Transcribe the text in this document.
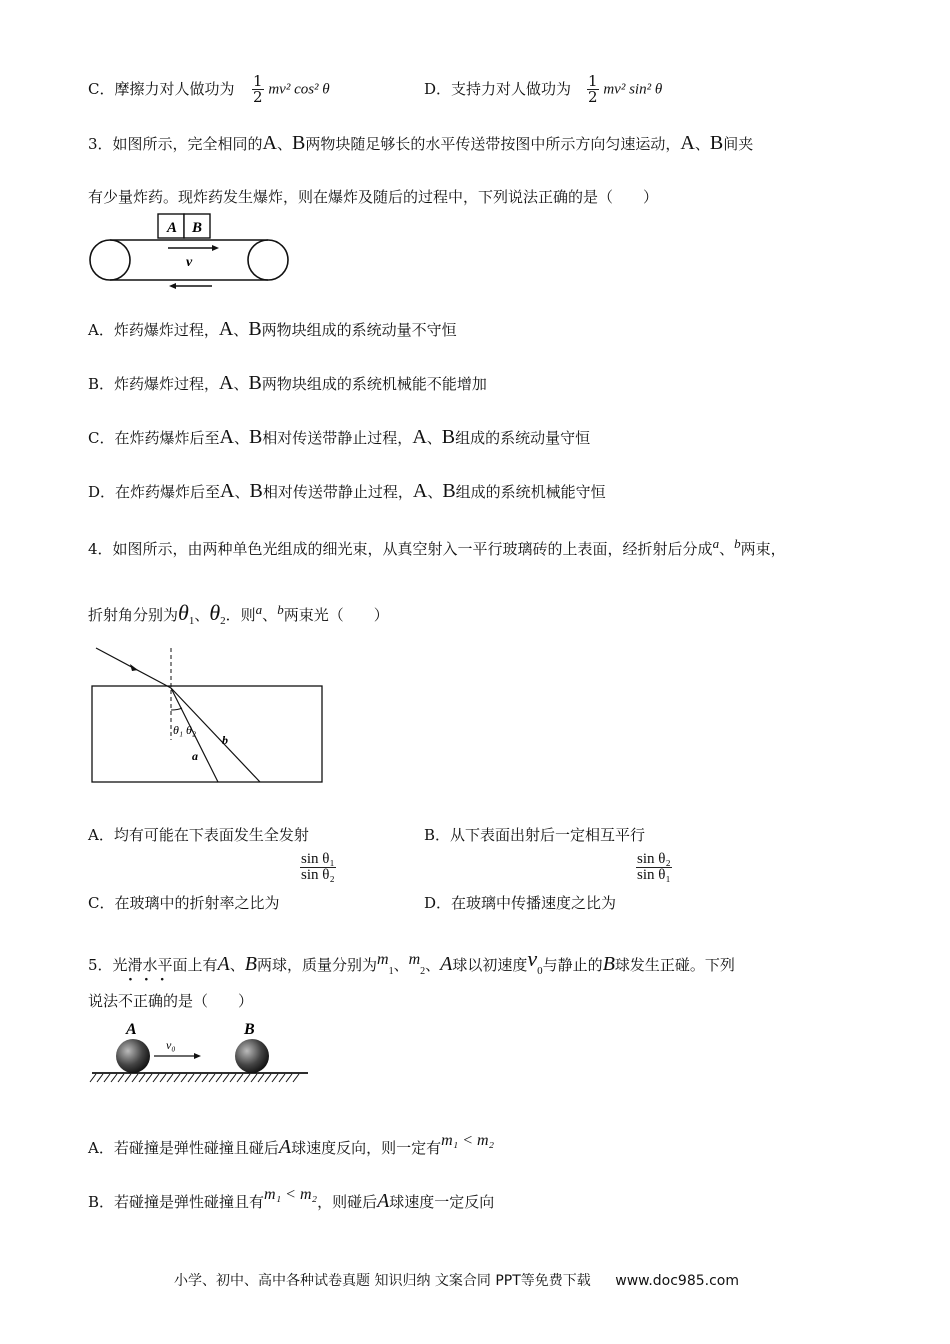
C．摩擦力对人做功为 $\frac{1}{2} mv^2$ cos² θ	D．支持力对人做功为 $\frac{1}{2} mv^2$ sin² θ
3．如图所示，完全相同的A、B两物块随足够长的水平传送带按图中所示方向匀速运动，A、B间夹
有少量炸药。现炸药发生爆炸，则在爆炸及随后的过程中，下列说法正确的是（　　）
A B
v
A．炸药爆炸过程，A、B两物块组成的系统动量不守恒
B．炸药爆炸过程，A、B两物块组成的系统机械能不能增加
C．在炸药爆炸后至A、B相对传送带静止过程，A、B组成的系统动量守恒
D．在炸药爆炸后至A、B相对传送带静止过程，A、B组成的系统机械能守恒
4．如图所示，由两种单色光组成的细光束，从真空射入一平行玻璃砖的上表面，经折射后分成a、b两束，
折射角分别为$\theta_1$、$\theta_2$．则a、b两束光（　　）
θ₁ θ₂
b
a
A．均有可能在下表面发生全发射	B．从下表面出射后一定相互平行
C．在玻璃中的折射率之比为
$\frac{\text{sin θ₁}}{\text{sin θ₂}}$
D．在玻璃中传播速度之比为
$\frac{\text{sin θ₂}}{\text{sin θ₁}}$
5．光滑水平面上有A、B两球，质量分别为$m_1$、$m_2$、A球以初速度$v_0$与静止的B球发生正碰。下列
···
说法不正确的是（　　）
A	B
v₀
A．若碰撞是弹性碰撞且碰后A球速度反向，则一定有m₁ < m₂
B．若碰撞是弹性碰撞且有m₁ < m₂，则碰后A球速度一定反向
小学、初中、高中各种试卷真题 知识归纳 文案合同 PPT等免费下载 www.doc985.com
